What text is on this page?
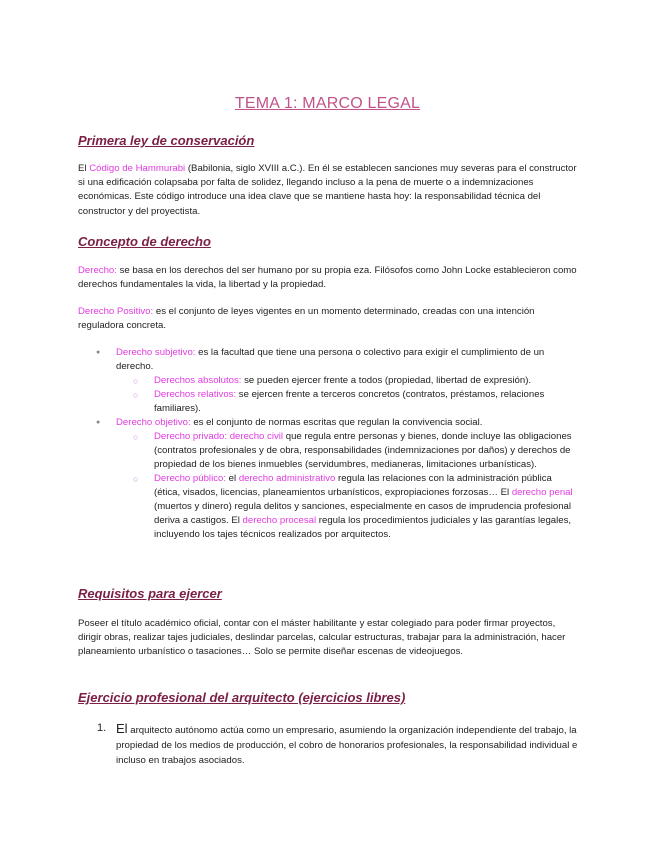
TEMA 1: MARCO LEGAL
Primera ley de conservación

El Código de Hammurabi (Babilonia, siglo XVIII a.C.). En él se establecen sanciones muy severas para el constructor si una edificación colapsaba por falta de solidez, llegando incluso a la pena de muerte o a indemnizaciones económicas. Este código introduce una idea clave que se mantiene hasta hoy: la responsabilidad técnica del constructor y del proyectista.

Concepto de derecho

Derecho: se basa en los derechos del ser humano por su propia eza. Filósofos como John Locke establecieron como derechos fundamentales la vida, la libertad y la propiedad.

Derecho Positivo: es el conjunto de leyes vigentes en un momento determinado, creadas con una intención reguladora concreta.

● Derecho subjetivo: es la facultad que tiene una persona o colectivo para exigir el cumplimiento de un derecho.
○ Derechos absolutos: se pueden ejercer frente a todos (propiedad, libertad de expresión).
○ Derechos relativos: se ejercen frente a terceros concretos (contratos, préstamos, relaciones familiares).
● Derecho objetivo: es el conjunto de normas escritas que regulan la convivencia social.
○ Derecho privado: derecho civil que regula entre personas y bienes, donde incluye las obligaciones (contratos profesionales y de obra, responsabilidades (indemnizaciones por daños) y derechos de propiedad de los bienes inmuebles (servidumbres, medianeras, limitaciones urbanísticas).
○ Derecho público: el derecho administrativo regula las relaciones con la administración pública (ética, visados, licencias, planeamientos urbanísticos, expropiaciones forzosas… El derecho penal (muertos y dinero) regula delitos y sanciones, especialmente en casos de imprudencia profesional deriva a castigos. El derecho procesal regula los procedimientos judiciales y las garantías legales, incluyendo los tajes técnicos realizados por arquitectos.
Requisitos para ejercer

Poseer el título académico oficial, contar con el máster habilitante y estar colegiado para poder firmar proyectos, dirigir obras, realizar tajes judiciales, deslindar parcelas, calcular estructuras, trabajar para la administración, hacer planeamiento urbanístico o tasaciones… Solo se permite diseñar escenas de videojuegos.

Ejercicio profesional del arquitecto (ejercicios libres)
1. El arquitecto autónomo actúa como un empresario, asumiendo la organización independiente del trabajo, la propiedad de los medios de producción, el cobro de honorarios profesionales, la responsabilidad individual e incluso en trabajos asociados.
